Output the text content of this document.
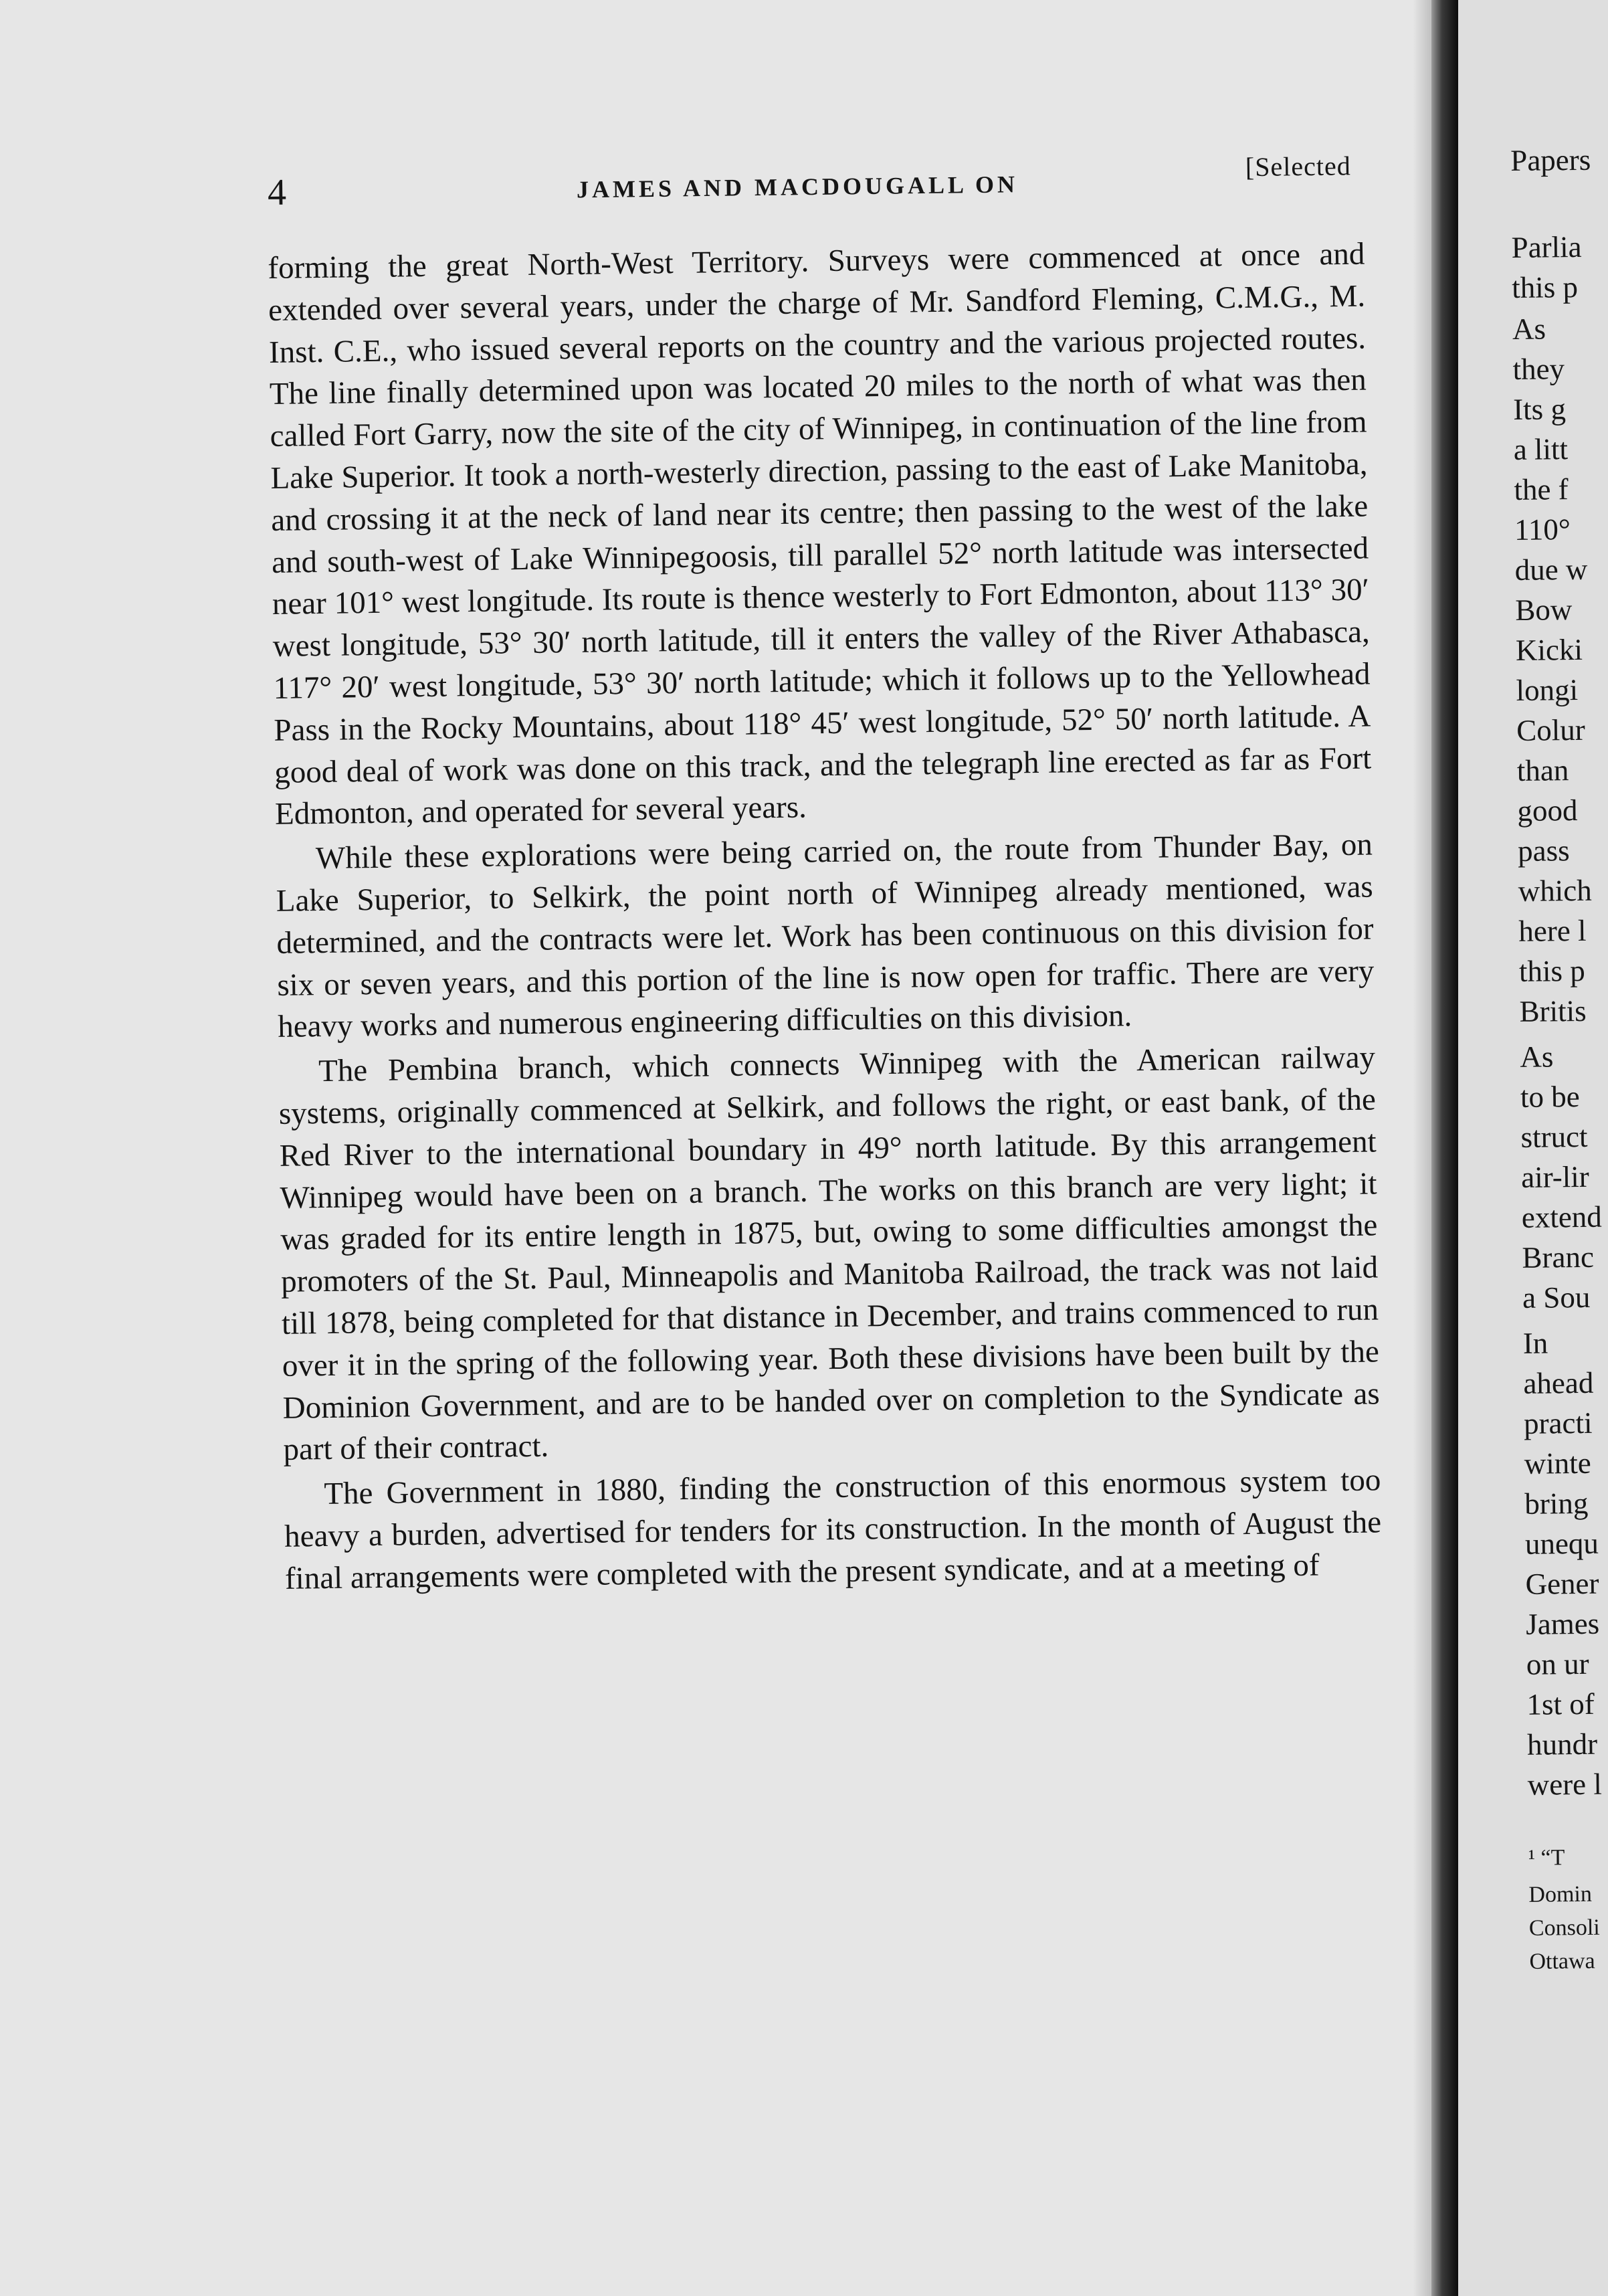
4	JAMES AND MACDOUGALL ON
[Selected

forming the great North-West Territory. Surveys were commenced at once and extended over several years, under the charge of Mr. Sandford Fleming, C.M.G., M. Inst. C.E., who issued several reports on the country and the various projected routes. The line finally determined upon was located 20 miles to the north of what was then called Fort Garry, now the site of the city of Winnipeg, in continuation of the line from Lake Superior. It took a north-westerly direction, passing to the east of Lake Manitoba, and crossing it at the neck of land near its centre; then passing to the west of the lake and south-west of Lake Winnipegoosis, till parallel 52° north latitude was intersected near 101° west longitude. Its route is thence westerly to Fort Edmonton, about 113° 30′ west longitude, 53° 30′ north latitude, till it enters the valley of the River Athabasca, 117° 20′ west longitude, 53° 30′ north latitude; which it follows up to the Yellowhead Pass in the Rocky Mountains, about 118° 45′ west longitude, 52° 50′ north latitude. A good deal of work was done on this track, and the telegraph line erected as far as Fort Edmonton, and operated for several years.

While these explorations were being carried on, the route from Thunder Bay, on Lake Superior, to Selkirk, the point north of Winnipeg already mentioned, was determined, and the contracts were let. Work has been continuous on this division for six or seven years, and this portion of the line is now open for traffic. There are very heavy works and numerous engineering difficulties on this division.

The Pembina branch, which connects Winnipeg with the American railway systems, originally commenced at Selkirk, and follows the right, or east bank, of the Red River to the international boundary in 49° north latitude. By this arrangement Winnipeg would have been on a branch. The works on this branch are very light; it was graded for its entire length in 1875, but, owing to some difficulties amongst the promoters of the St. Paul, Minneapolis and Manitoba Railroad, the track was not laid till 1878, being completed for that distance in December, and trains commenced to run over it in the spring of the following year. Both these divisions have been built by the Dominion Government, and are to be handed over on completion to the Syndicate as part of their contract.

The Government in 1880, finding the construction of this enormous system too heavy a burden, advertised for tenders for its construction. In the month of August the final arrangements were completed with the present syndicate, and at a meeting of

Papers
Parlia
this p
As
they
Its g
a litt
the f
110°
due w
Bow
Kicki
longi
Colur
than
good
pass
which
here l
this p
Britis
As
to be
struct
air-lir
extend
Branc
a Sou
In
ahead
practi
winte
bring
unequ
Gener
James
on ur
1st of
hundr
were l
¹ “T
Domin
Consoli
Ottawa
